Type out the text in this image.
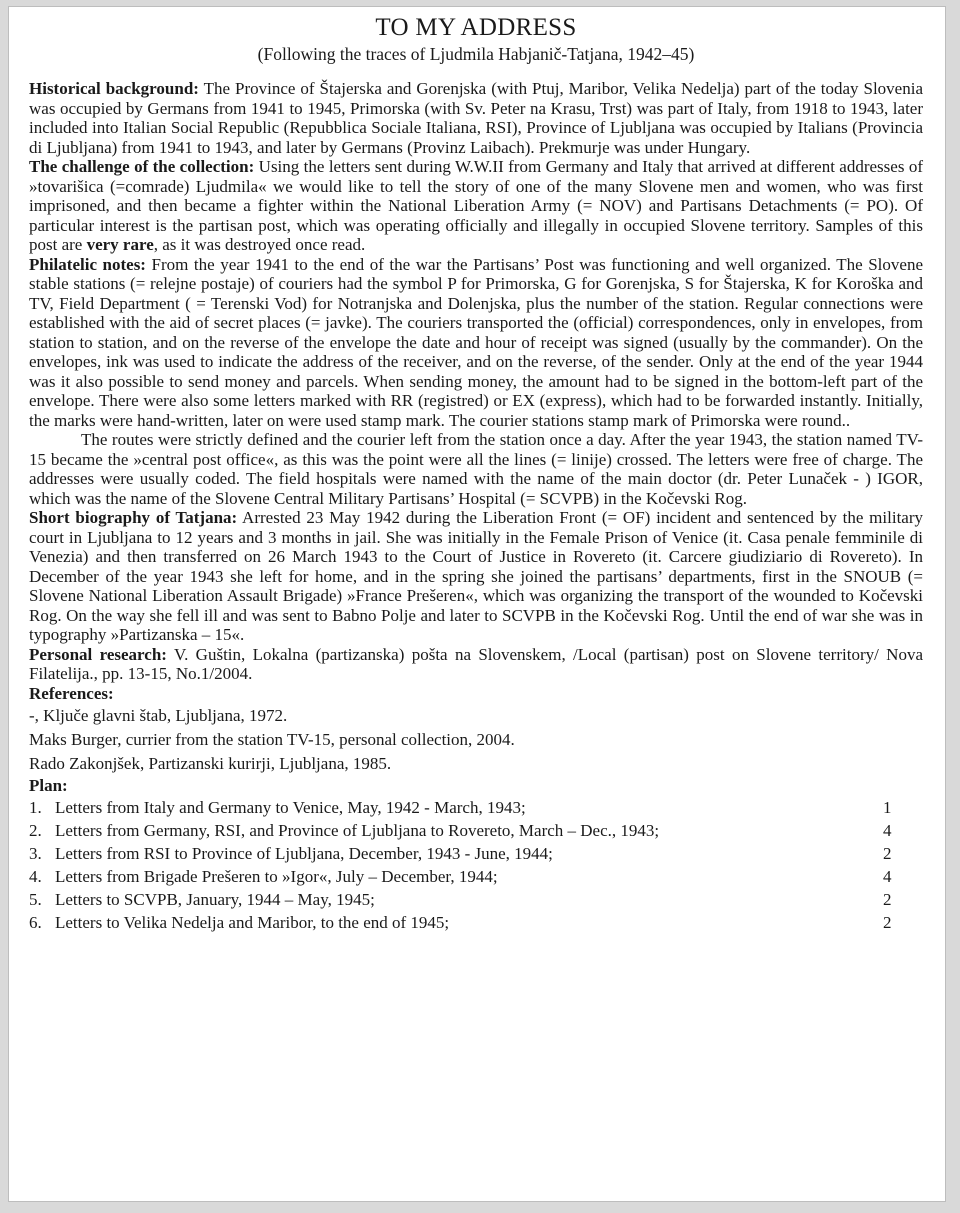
TO MY ADDRESS
(Following the traces of Ljudmila Habjanič-Tatjana, 1942–45)

Historical background: The Province of Štajerska and Gorenjska (with Ptuj, Maribor, Velika Nedelja) part of the today Slovenia was occupied by Germans from 1941 to 1945, Primorska (with Sv. Peter na Krasu, Trst) was part of Italy, from 1918 to 1943, later included into Italian Social Republic (Repubblica Sociale Italiana, RSI), Province of Ljubljana was occupied by Italians (Provincia di Ljubljana) from 1941 to 1943, and later by Germans (Provinz Laibach). Prekmurje was under Hungary.

The challenge of the collection: Using the letters sent during W.W.II from Germany and Italy that arrived at different addresses of »tovarišica (=comrade) Ljudmila« we would like to tell the story of one of the many Slovene men and women, who was first imprisoned, and then became a fighter within the National Liberation Army (= NOV) and Partisans Detachments (= PO). Of particular interest is the partisan post, which was operating officially and illegally in occupied Slovene territory. Samples of this post are very rare, as it was destroyed once read.

Philatelic notes: From the year 1941 to the end of the war the Partisans’ Post was functioning and well organized. The Slovene stable stations (= relejne postaje) of couriers had the symbol P for Primorska, G for Gorenjska, S for Štajerska, K for Koroška and TV, Field Department ( = Terenski Vod) for Notranjska and Dolenjska, plus the number of the station. Regular connections were established with the aid of secret places (= javke). The couriers transported the (official) correspondences, only in envelopes, from station to station, and on the reverse of the envelope the date and hour of receipt was signed (usually by the commander). On the envelopes, ink was used to indicate the address of the receiver, and on the reverse, of the sender. Only at the end of the year 1944 was it also possible to send money and parcels. When sending money, the amount had to be signed in the bottom-left part of the envelope. There were also some letters marked with RR (registred) or EX (express), which had to be forwarded instantly. Initially, the marks were hand-written, later on were used stamp mark. The courier stations stamp mark of Primorska were round..

The routes were strictly defined and the courier left from the station once a day. After the year 1943, the station named TV-15 became the »central post office«, as this was the point were all the lines (= linije) crossed. The letters were free of charge. The addresses were usually coded. The field hospitals were named with the name of the main doctor (dr. Peter Lunaček - ) IGOR, which was the name of the Slovene Central Military Partisans’ Hospital (= SCVPB) in the Kočevski Rog.

Short biography of Tatjana: Arrested 23 May 1942 during the Liberation Front (= OF) incident and sentenced by the military court in Ljubljana to 12 years and 3 months in jail. She was initially in the Female Prison of Venice (it. Casa penale femminile di Venezia) and then transferred on 26 March 1943 to the Court of Justice in Rovereto (it. Carcere giudiziario di Rovereto). In December of the year 1943 she left for home, and in the spring she joined the partisans’ departments, first in the SNOUB (= Slovene National Liberation Assault Brigade) »France Prešeren«, which was organizing the transport of the wounded to Kočevski Rog. On the way she fell ill and was sent to Babno Polje and later to SCVPB in the Kočevski Rog. Until the end of war she was in typography »Partizanska – 15«.

Personal research: V. Guštin, Lokalna (partizanska) pošta na Slovenskem, /Local (partisan) post on Slovene territory/ Nova Filatelija., pp. 13-15, No.1/2004.

References:
-, Ključe glavni štab, Ljubljana, 1972.
Maks Burger, currier from the station TV-15, personal collection, 2004.
Rado Zakonjšek, Partizanski kurirji, Ljubljana, 1985.
Plan:
1. Letters from Italy and Germany to Venice, May, 1942 - March, 1943;	1
2. Letters from Germany, RSI, and Province of Ljubljana to Rovereto, March – Dec., 1943;	4
3. Letters from RSI to Province of Ljubljana, December, 1943 - June, 1944;	2
4. Letters from Brigade Prešeren to »Igor«, July – December, 1944;	4
5. Letters to SCVPB, January, 1944 – May, 1945;	2
6. Letters to Velika Nedelja and Maribor, to the end of 1945;	2
